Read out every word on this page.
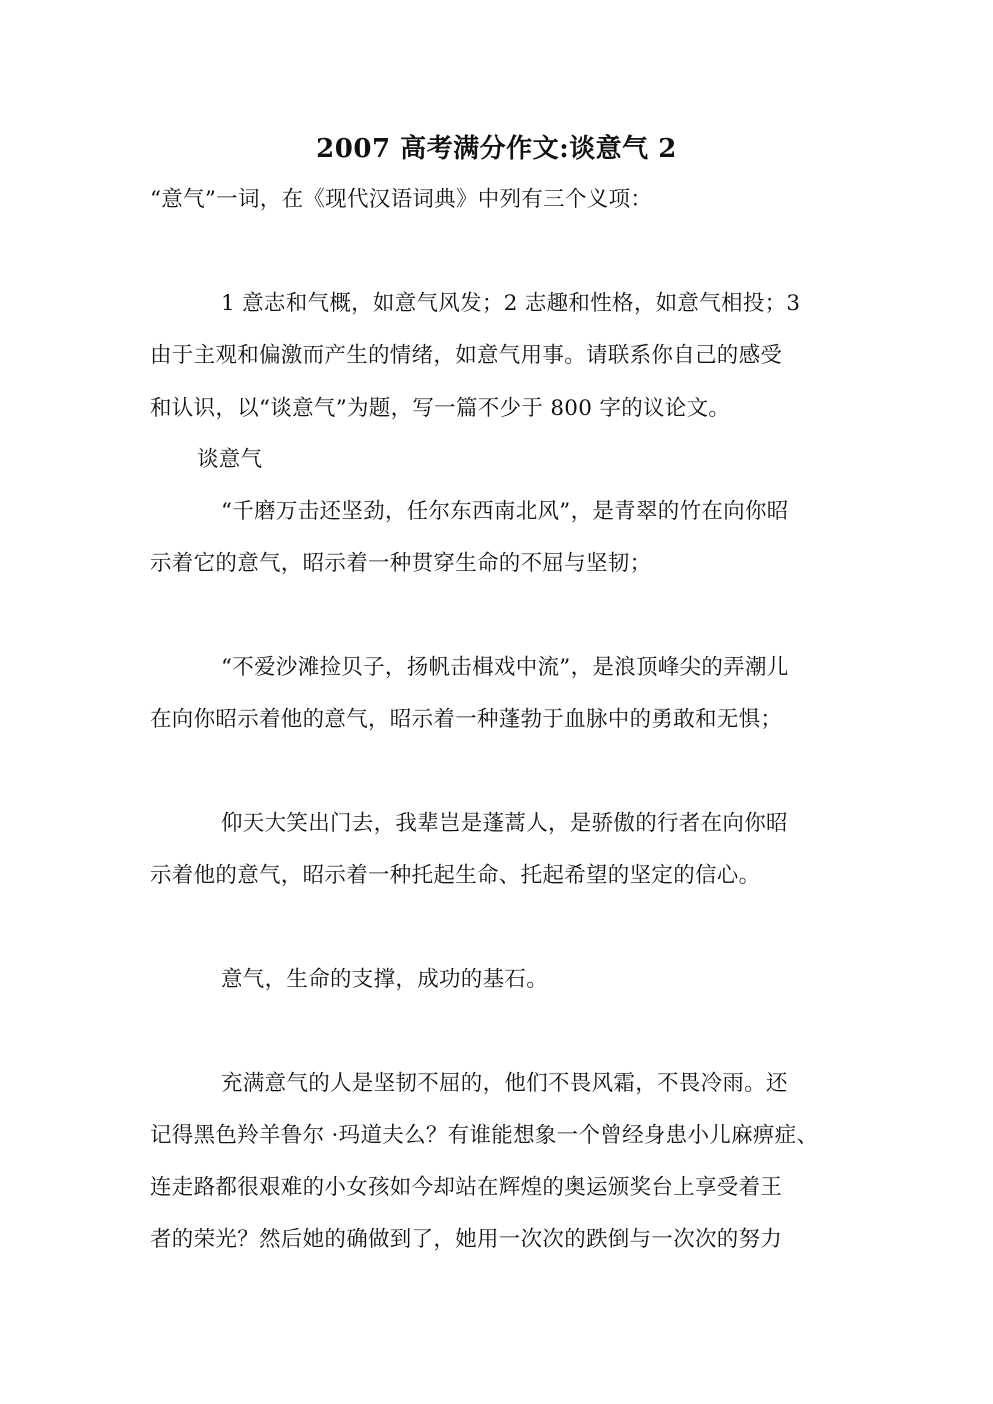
2007 高考满分作文:谈意气 2
“意气”一词，在《现代汉语词典》中列有三个义项：
1 意志和气概，如意气风发；2 志趣和性格，如意气相投；3
由于主观和偏激而产生的情绪，如意气用事。请联系你自己的感受
和认识，以“谈意气”为题，写一篇不少于 800 字的议论文。
谈意气
“千磨万击还坚劲，任尔东西南北风”，是青翠的竹在向你昭
示着它的意气，昭示着一种贯穿生命的不屈与坚韧；
“不爱沙滩捡贝子，扬帆击楫戏中流”，是浪顶峰尖的弄潮儿
在向你昭示着他的意气，昭示着一种蓬勃于血脉中的勇敢和无惧；
仰天大笑出门去，我辈岂是蓬蒿人，是骄傲的行者在向你昭
示着他的意气，昭示着一种托起生命、托起希望的坚定的信心。
意气，生命的支撑，成功的基石。
充满意气的人是坚韧不屈的，他们不畏风霜，不畏冷雨。还
记得黑色羚羊鲁尔 ·玛道夫么？有谁能想象一个曾经身患小儿麻痹症、
连走路都很艰难的小女孩如今却站在辉煌的奥运颁奖台上享受着王
者的荣光？然后她的确做到了，她用一次次的跌倒与一次次的努力
